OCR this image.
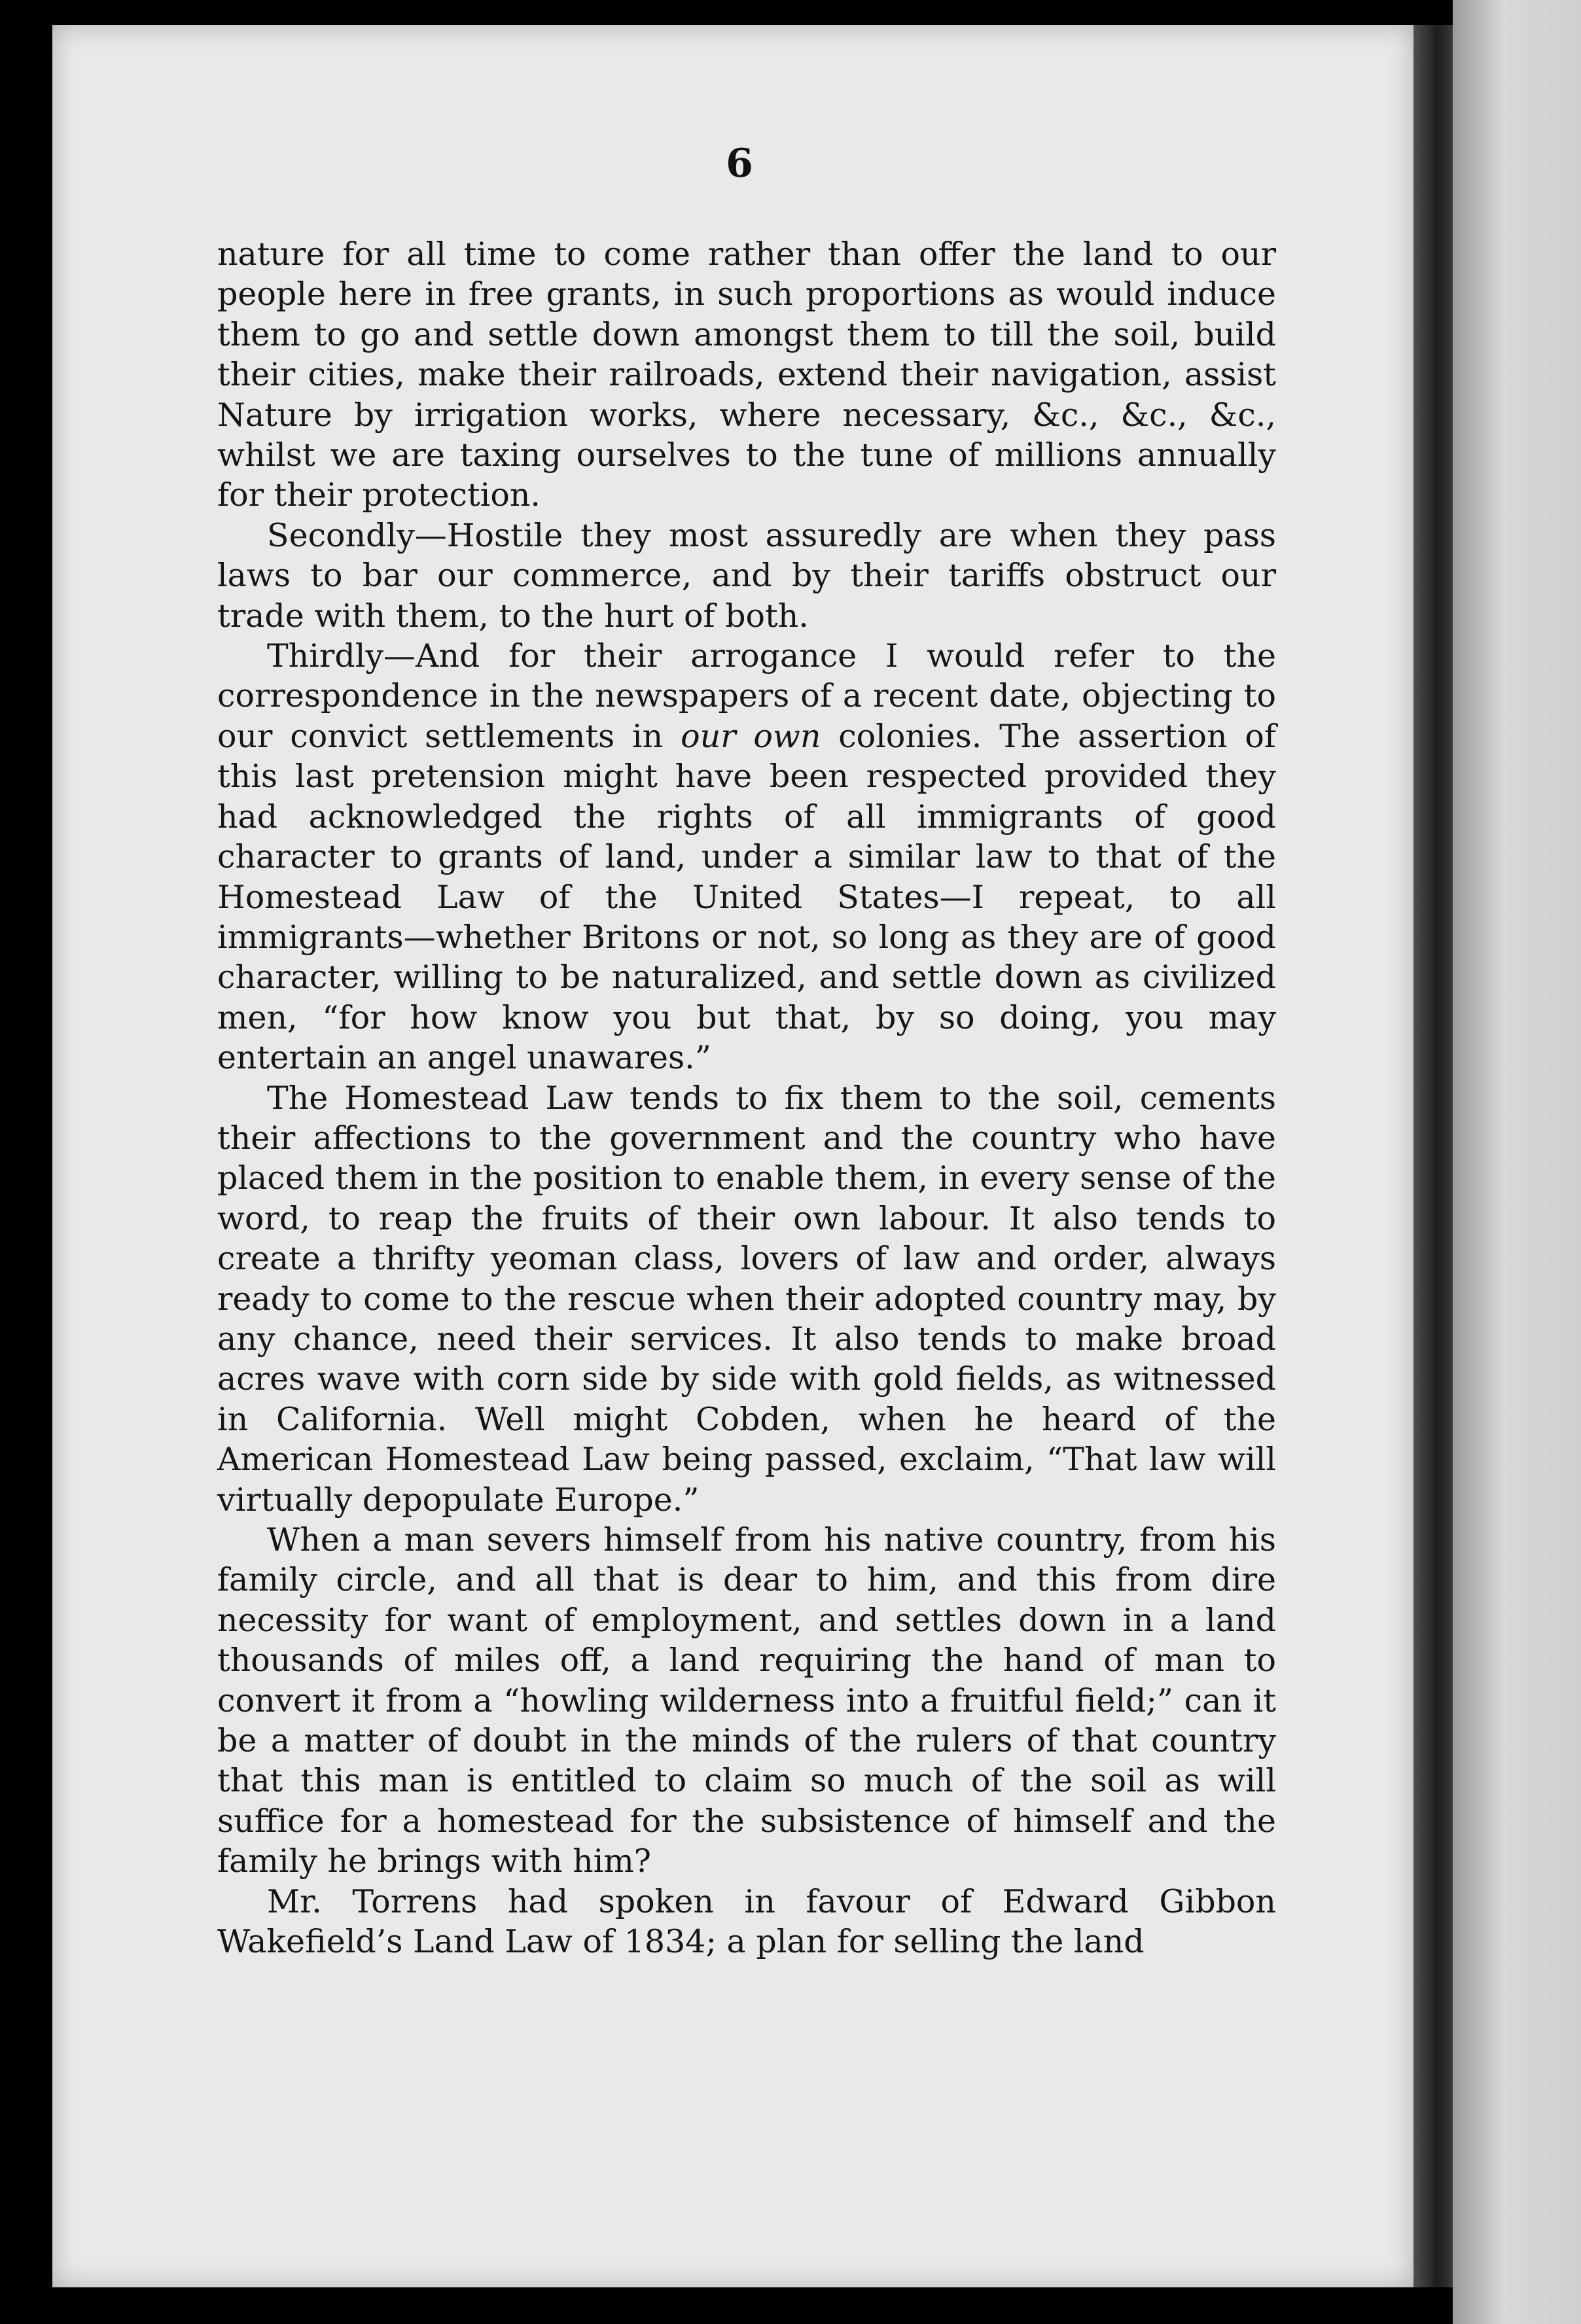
6

nature for all time to come rather than offer the land to our people here in free grants, in such proportions as would induce them to go and settle down amongst them to till the soil, build their cities, make their railroads, extend their navigation, assist Nature by irrigation works, where necessary, &c., &c., &c., whilst we are taxing ourselves to the tune of millions annually for their protection.

Secondly—Hostile they most assuredly are when they pass laws to bar our commerce, and by their tariffs obstruct our trade with them, to the hurt of both.

Thirdly—And for their arrogance I would refer to the correspondence in the newspapers of a recent date, objecting to our convict settlements in our own colonies. The assertion of this last pretension might have been respected provided they had acknowledged the rights of all immigrants of good character to grants of land, under a similar law to that of the Homestead Law of the United States—I repeat, to all immigrants—whether Britons or not, so long as they are of good character, willing to be naturalized, and settle down as civilized men, “for how know you but that, by so doing, you may entertain an angel unawares.”

The Homestead Law tends to fix them to the soil, cements their affections to the government and the country who have placed them in the position to enable them, in every sense of the word, to reap the fruits of their own labour. It also tends to create a thrifty yeoman class, lovers of law and order, always ready to come to the rescue when their adopted country may, by any chance, need their services. It also tends to make broad acres wave with corn side by side with gold fields, as witnessed in California. Well might Cobden, when he heard of the American Homestead Law being passed, exclaim, “That law will virtually depopulate Europe.”

When a man severs himself from his native country, from his family circle, and all that is dear to him, and this from dire necessity for want of employment, and settles down in a land thousands of miles off, a land requiring the hand of man to convert it from a “howling wilderness into a fruitful field;” can it be a matter of doubt in the minds of the rulers of that country that this man is entitled to claim so much of the soil as will suffice for a homestead for the subsistence of himself and the family he brings with him?

Mr. Torrens had spoken in favour of Edward Gibbon Wakefield’s Land Law of 1834; a plan for selling the land
